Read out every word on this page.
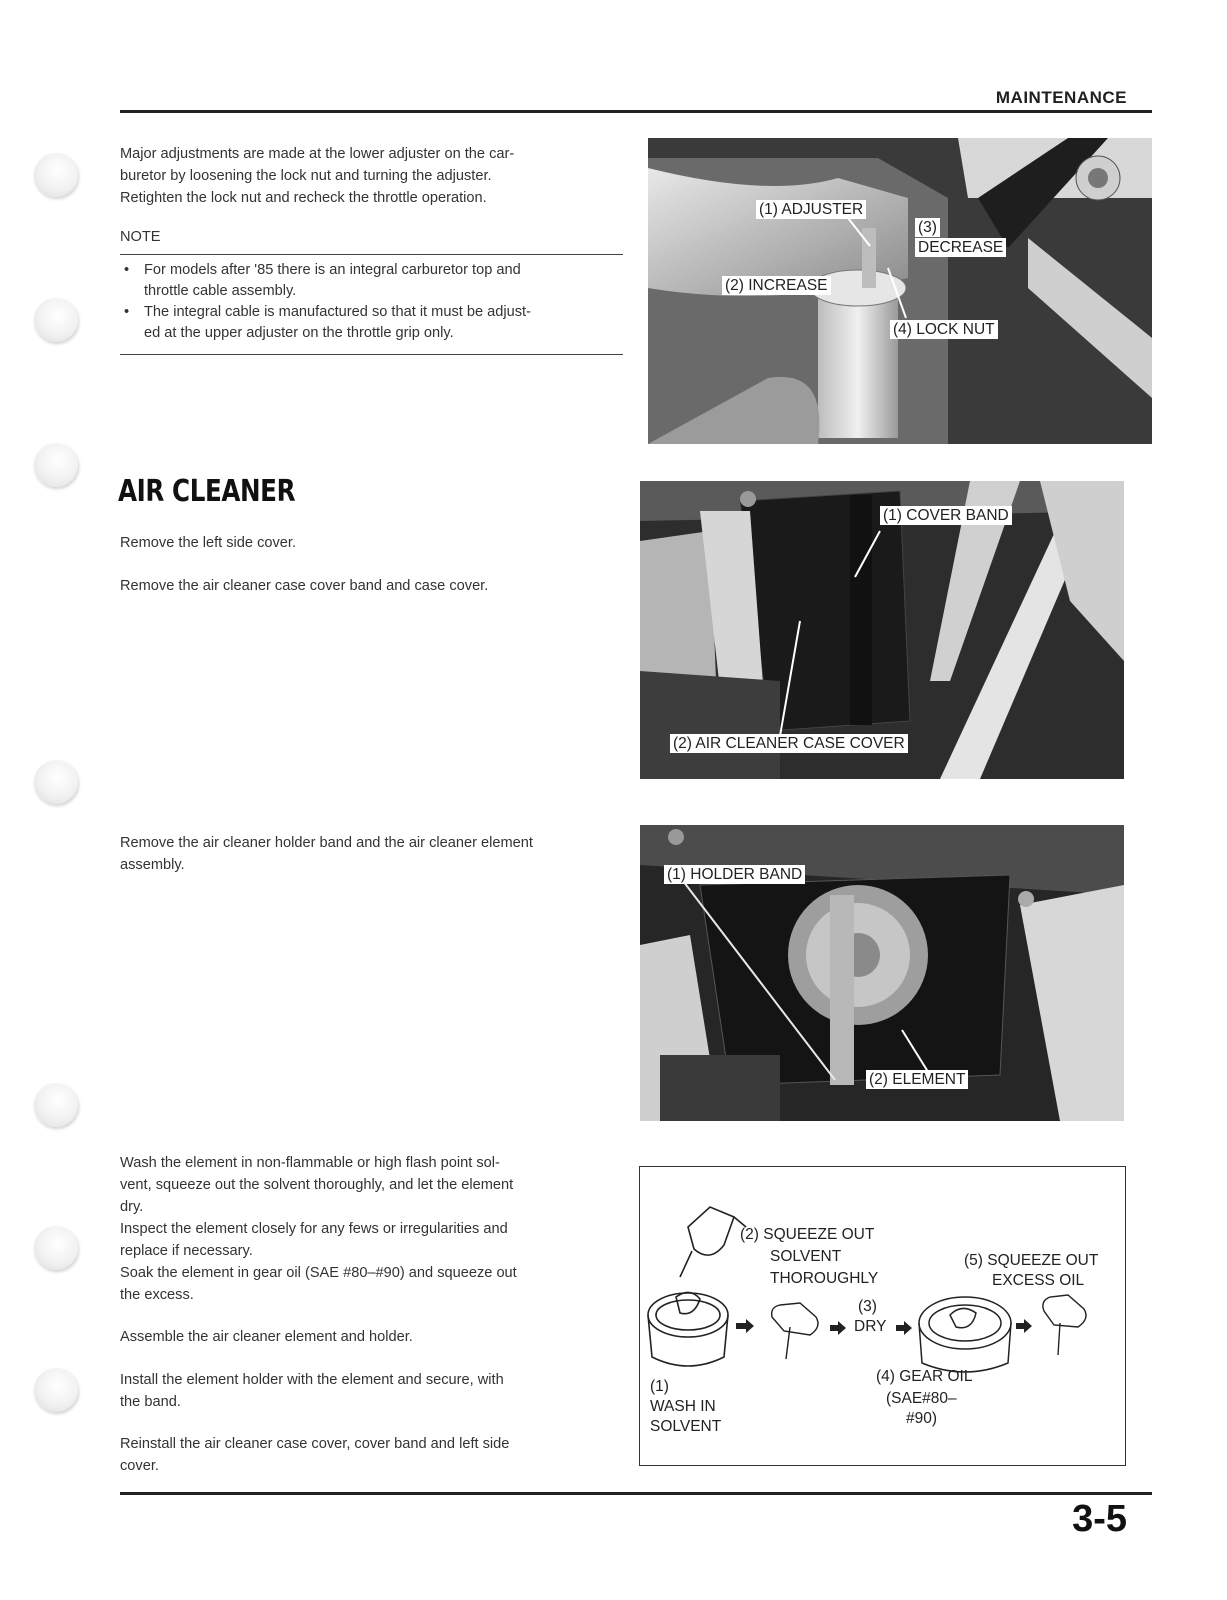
MAINTENANCE

Major adjustments are made at the lower adjuster on the car-

buretor by loosening the lock nut and turning the adjuster.

Retighten the lock nut and recheck the throttle operation.

NOTE
• For models after '85 there is an integral carburetor top and
throttle cable assembly.
• The integral cable is manufactured so that it must be adjust-
ed at the upper adjuster on the throttle grip only.
(1) ADJUSTER
(3)
DECREASE
(2) INCREASE
(4) LOCK NUT
AIR CLEANER
Remove the left side cover.
Remove the air cleaner case cover band and case cover.
(1) COVER BAND
(2) AIR CLEANER CASE COVER

Remove the air cleaner holder band and the air cleaner element

assembly.

(1) HOLDER BAND
(2) ELEMENT

Wash the element in non-flammable or high flash point sol-

vent, squeeze out the solvent thoroughly, and let the element

dry.

Inspect the element closely for any fews or irregularities and

replace if necessary.

Soak the element in gear oil (SAE #80–#90) and squeeze out

the excess.

Assemble the air cleaner element and holder.

Install the element holder with the element and secure, with

the band.

Reinstall the air cleaner case cover, cover band and left side

cover.

(1)
WASH IN
SOLVENT
(2) SQUEEZE OUT
SOLVENT
THOROUGHLY
(3)
DRY
(4) GEAR OIL
(SAE#80–
#90)
(5) SQUEEZE OUT
EXCESS OIL
3-5
